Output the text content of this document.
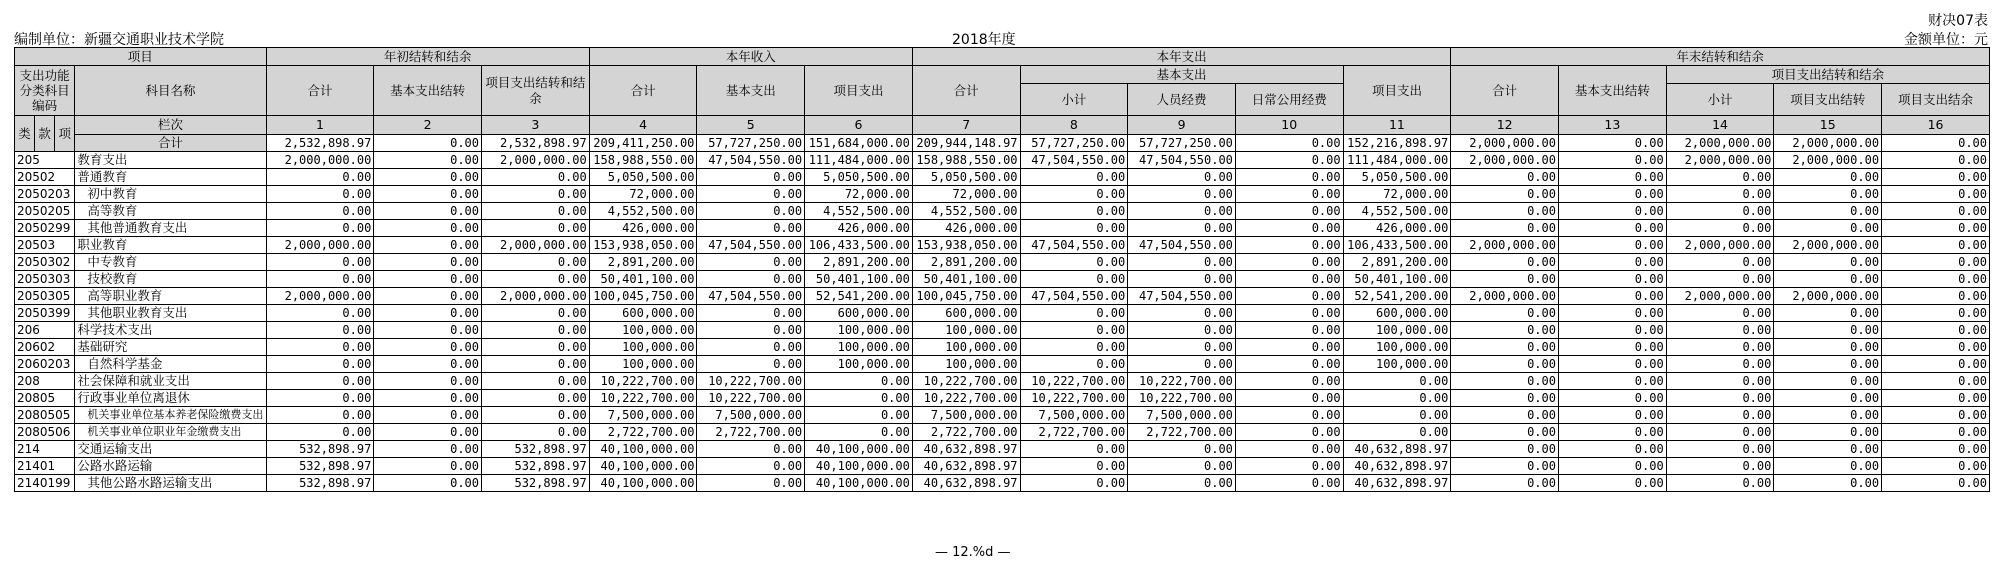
财决07表
编制单位：新疆交通职业技术学院	2018年度	金额单位：元
项目				年初结转和结余			本年收入			本年支出					年末结转和结余				
支出功能分类科目编码			科目名称	合计	基本支出结转	项目支出结转和结余	合计	基本支出	项目支出	合计	基本支出			项目支出	合计	基本支出结转	项目支出结转和结余		
											小计	人员经费	日常公用经费				小计	项目支出结转	项目支出结余
类	款	项	栏次	1	2	3	4	5	6	7	8	9	10	11	12	13	14	15	16
			合计	2,532,898.97	0.00	2,532,898.97	209,411,250.00	57,727,250.00	151,684,000.00	209,944,148.97	57,727,250.00	57,727,250.00	0.00	152,216,898.97	2,000,000.00	0.00	2,000,000.00	2,000,000.00	0.00
205			教育支出	2,000,000.00	0.00	2,000,000.00	158,988,550.00	47,504,550.00	111,484,000.00	158,988,550.00	47,504,550.00	47,504,550.00	0.00	111,484,000.00	2,000,000.00	0.00	2,000,000.00	2,000,000.00	0.00
20502			普通教育	0.00	0.00	0.00	5,050,500.00	0.00	5,050,500.00	5,050,500.00	0.00	0.00	0.00	5,050,500.00	0.00	0.00	0.00	0.00	0.00
2050203			初中教育	0.00	0.00	0.00	72,000.00	0.00	72,000.00	72,000.00	0.00	0.00	0.00	72,000.00	0.00	0.00	0.00	0.00	0.00
2050205			高等教育	0.00	0.00	0.00	4,552,500.00	0.00	4,552,500.00	4,552,500.00	0.00	0.00	0.00	4,552,500.00	0.00	0.00	0.00	0.00	0.00
2050299			其他普通教育支出	0.00	0.00	0.00	426,000.00	0.00	426,000.00	426,000.00	0.00	0.00	0.00	426,000.00	0.00	0.00	0.00	0.00	0.00
20503			职业教育	2,000,000.00	0.00	2,000,000.00	153,938,050.00	47,504,550.00	106,433,500.00	153,938,050.00	47,504,550.00	47,504,550.00	0.00	106,433,500.00	2,000,000.00	0.00	2,000,000.00	2,000,000.00	0.00
2050302			中专教育	0.00	0.00	0.00	2,891,200.00	0.00	2,891,200.00	2,891,200.00	0.00	0.00	0.00	2,891,200.00	0.00	0.00	0.00	0.00	0.00
2050303			技校教育	0.00	0.00	0.00	50,401,100.00	0.00	50,401,100.00	50,401,100.00	0.00	0.00	0.00	50,401,100.00	0.00	0.00	0.00	0.00	0.00
2050305			高等职业教育	2,000,000.00	0.00	2,000,000.00	100,045,750.00	47,504,550.00	52,541,200.00	100,045,750.00	47,504,550.00	47,504,550.00	0.00	52,541,200.00	2,000,000.00	0.00	2,000,000.00	2,000,000.00	0.00
2050399			其他职业教育支出	0.00	0.00	0.00	600,000.00	0.00	600,000.00	600,000.00	0.00	0.00	0.00	600,000.00	0.00	0.00	0.00	0.00	0.00
206			科学技术支出	0.00	0.00	0.00	100,000.00	0.00	100,000.00	100,000.00	0.00	0.00	0.00	100,000.00	0.00	0.00	0.00	0.00	0.00
20602			基础研究	0.00	0.00	0.00	100,000.00	0.00	100,000.00	100,000.00	0.00	0.00	0.00	100,000.00	0.00	0.00	0.00	0.00	0.00
2060203			自然科学基金	0.00	0.00	0.00	100,000.00	0.00	100,000.00	100,000.00	0.00	0.00	0.00	100,000.00	0.00	0.00	0.00	0.00	0.00
208			社会保障和就业支出	0.00	0.00	0.00	10,222,700.00	10,222,700.00	0.00	10,222,700.00	10,222,700.00	10,222,700.00	0.00	0.00	0.00	0.00	0.00	0.00	0.00
20805			行政事业单位离退休	0.00	0.00	0.00	10,222,700.00	10,222,700.00	0.00	10,222,700.00	10,222,700.00	10,222,700.00	0.00	0.00	0.00	0.00	0.00	0.00	0.00
2080505			机关事业单位基本养老保险缴费支出	0.00	0.00	0.00	7,500,000.00	7,500,000.00	0.00	7,500,000.00	7,500,000.00	7,500,000.00	0.00	0.00	0.00	0.00	0.00	0.00	0.00
2080506			机关事业单位职业年金缴费支出	0.00	0.00	0.00	2,722,700.00	2,722,700.00	0.00	2,722,700.00	2,722,700.00	2,722,700.00	0.00	0.00	0.00	0.00	0.00	0.00	0.00
214			交通运输支出	532,898.97	0.00	532,898.97	40,100,000.00	0.00	40,100,000.00	40,632,898.97	0.00	0.00	0.00	40,632,898.97	0.00	0.00	0.00	0.00	0.00
21401			公路水路运输	532,898.97	0.00	532,898.97	40,100,000.00	0.00	40,100,000.00	40,632,898.97	0.00	0.00	0.00	40,632,898.97	0.00	0.00	0.00	0.00	0.00
2140199			其他公路水路运输支出	532,898.97	0.00	532,898.97	40,100,000.00	0.00	40,100,000.00	40,632,898.97	0.00	0.00	0.00	40,632,898.97	0.00	0.00	0.00	0.00	0.00
— 12.%d —
